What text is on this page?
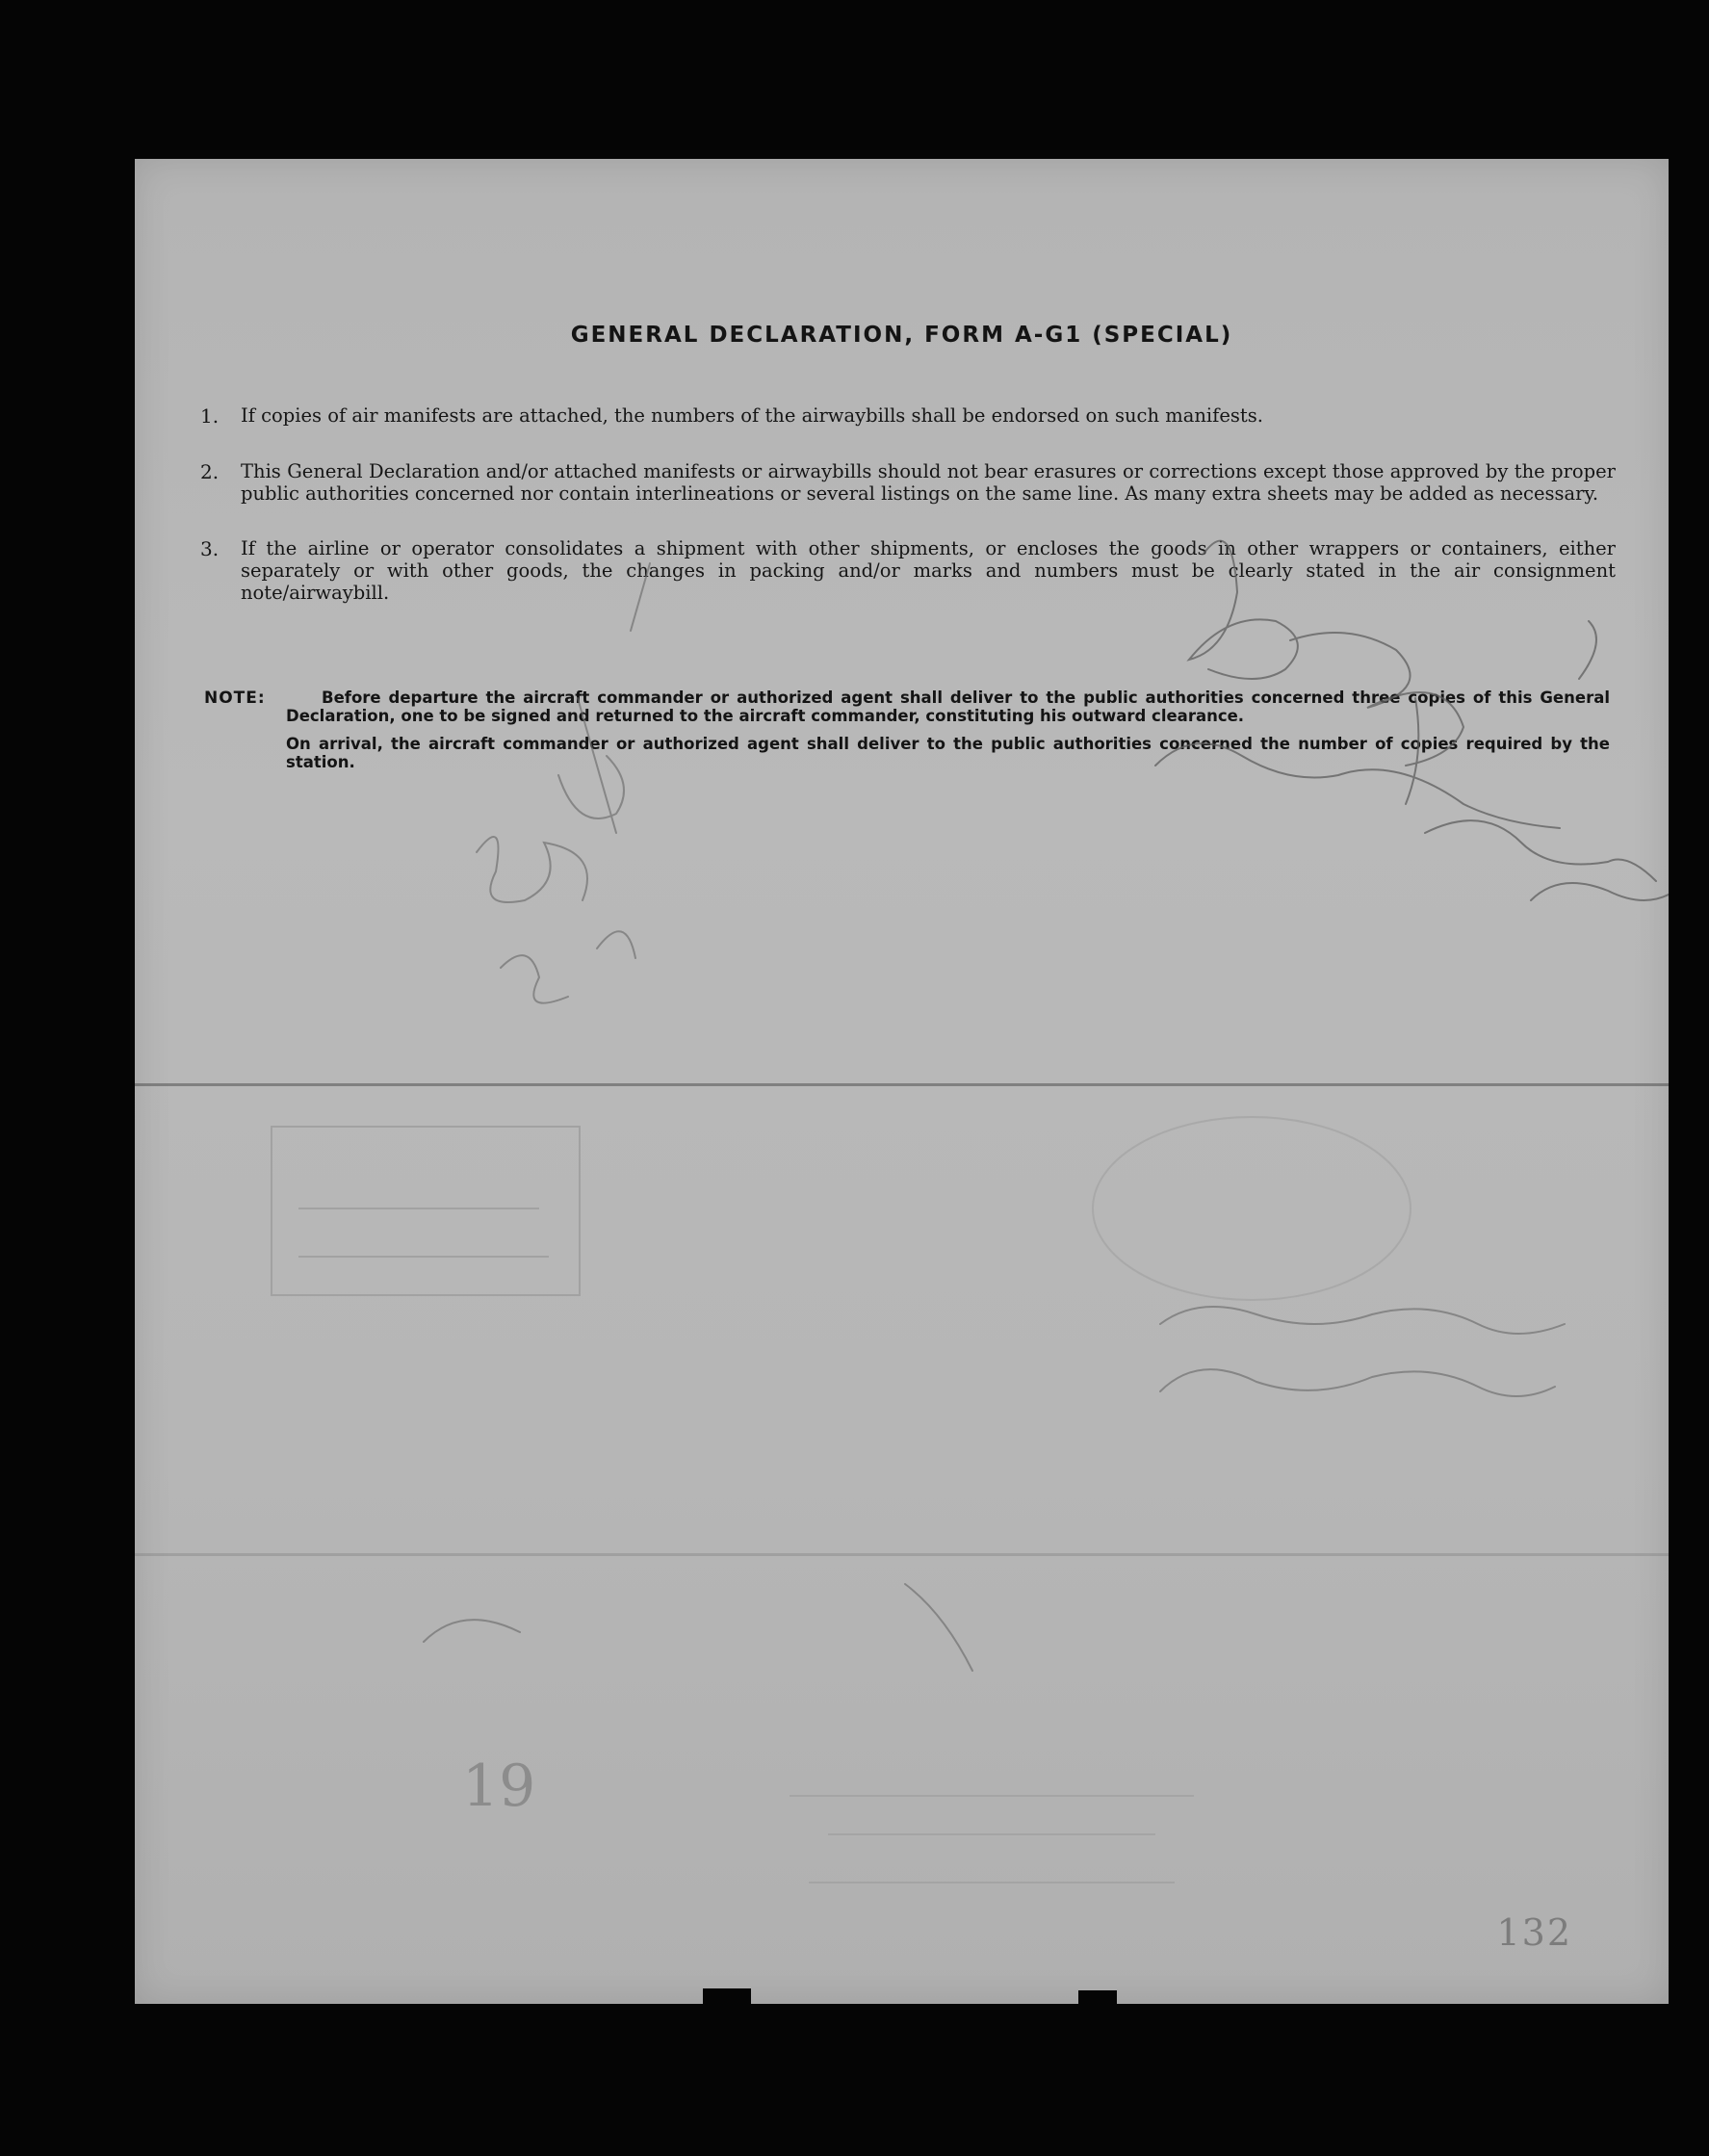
GENERAL DECLARATION, FORM A-G1 (SPECIAL)
1.	If copies of air manifests are attached, the numbers of the airwaybills shall be endorsed on such manifests.
2.	This General Declaration and/or attached manifests or airwaybills should not bear erasures or corrections except those approved by the proper public authorities concerned nor contain interlineations or several listings on the same line. As many extra sheets may be added as necessary.
3.	If the airline or operator consolidates a shipment with other shipments, or encloses the goods in other wrappers or containers, either separately or with other goods, the changes in packing and/or marks and numbers must be clearly stated in the air consignment note/airwaybill.
NOTE:	Before departure the aircraft commander or authorized agent shall deliver to the public authorities concerned three copies of this General Declaration, one to be signed and returned to the aircraft commander, constituting his outward clearance.

On arrival, the aircraft commander or authorized agent shall deliver to the public authorities concerned the number of copies required by the station.

19
132
